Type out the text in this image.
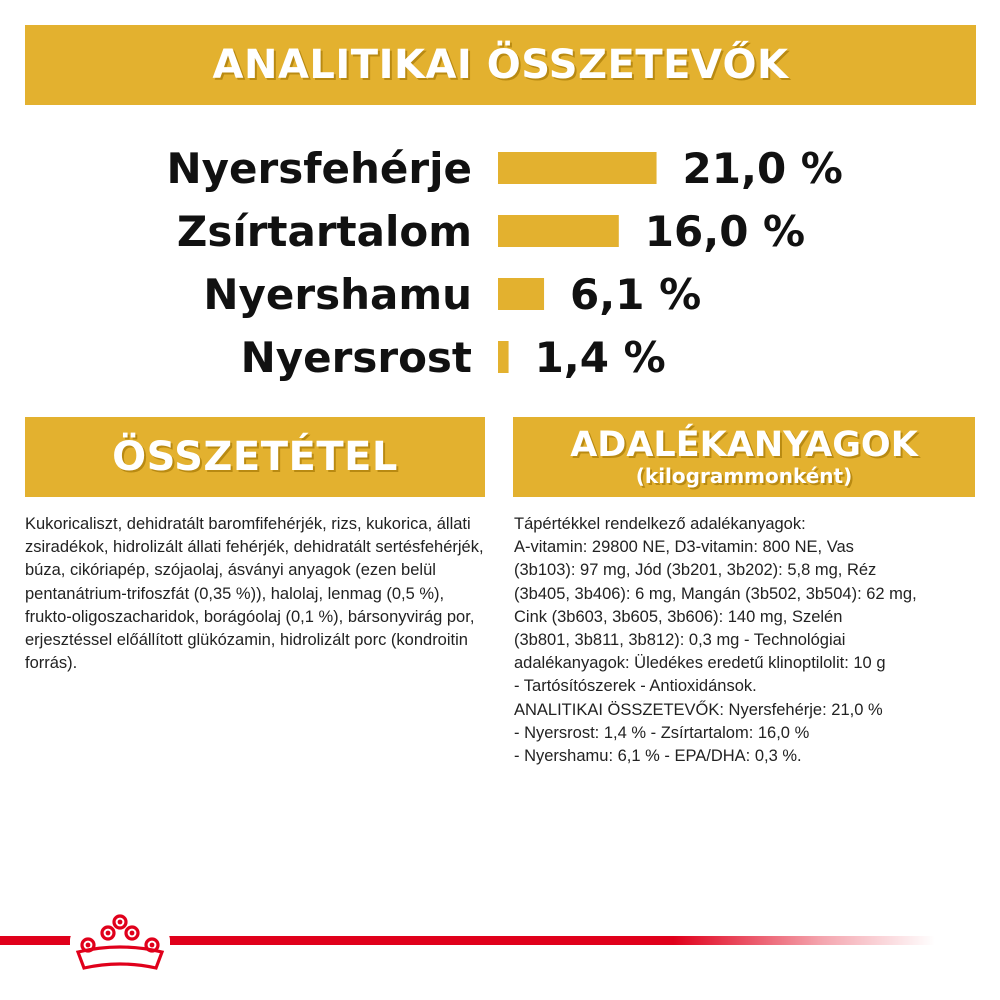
ANALITIKAI ÖSSZETEVŐK
Nyersfehérje	21,0 %
Zsírtartalom	16,0 %
Nyershamu 6,1 %
Nyersrost 1,4 %
ÖSSZETÉTEL	ADALÉKANYAGOK
(kilogrammonként)
Kukoricaliszt, dehidratált baromfifehérjék, rizs, kukorica, állati zsiradékok, hidrolizált állati fehérjék, dehidratált sertésfehérjék, búza, cikóriapép, szójaolaj, ásványi anyagok (ezen belül pentanátrium-trifoszfát (0,35 %)), halolaj, lenmag (0,5 %), frukto-oligoszacharidok, borágóolaj (0,1 %), bársonyvirág por, erjesztéssel előállított glükózamin, hidrolizált porc (kondroitin forrás).
Tápértékkel rendelkező adalékanyagok:
A-vitamin: 29800 NE, D3-vitamin: 800 NE, Vas
(3b103): 97 mg, Jód (3b201, 3b202): 5,8 mg, Réz
(3b405, 3b406): 6 mg, Mangán (3b502, 3b504): 62 mg,
Cink (3b603, 3b605, 3b606): 140 mg, Szelén
(3b801, 3b811, 3b812): 0,3 mg - Technológiai
adalékanyagok: Üledékes eredetű klinoptilolit: 10 g
- Tartósítószerek - Antioxidánsok.
ANALITIKAI ÖSSZETEVŐK: Nyersfehérje: 21,0 %
- Nyersrost: 1,4 % - Zsírtartalom: 16,0 %
- Nyershamu: 6,1 % - EPA/DHA: 0,3 %.
